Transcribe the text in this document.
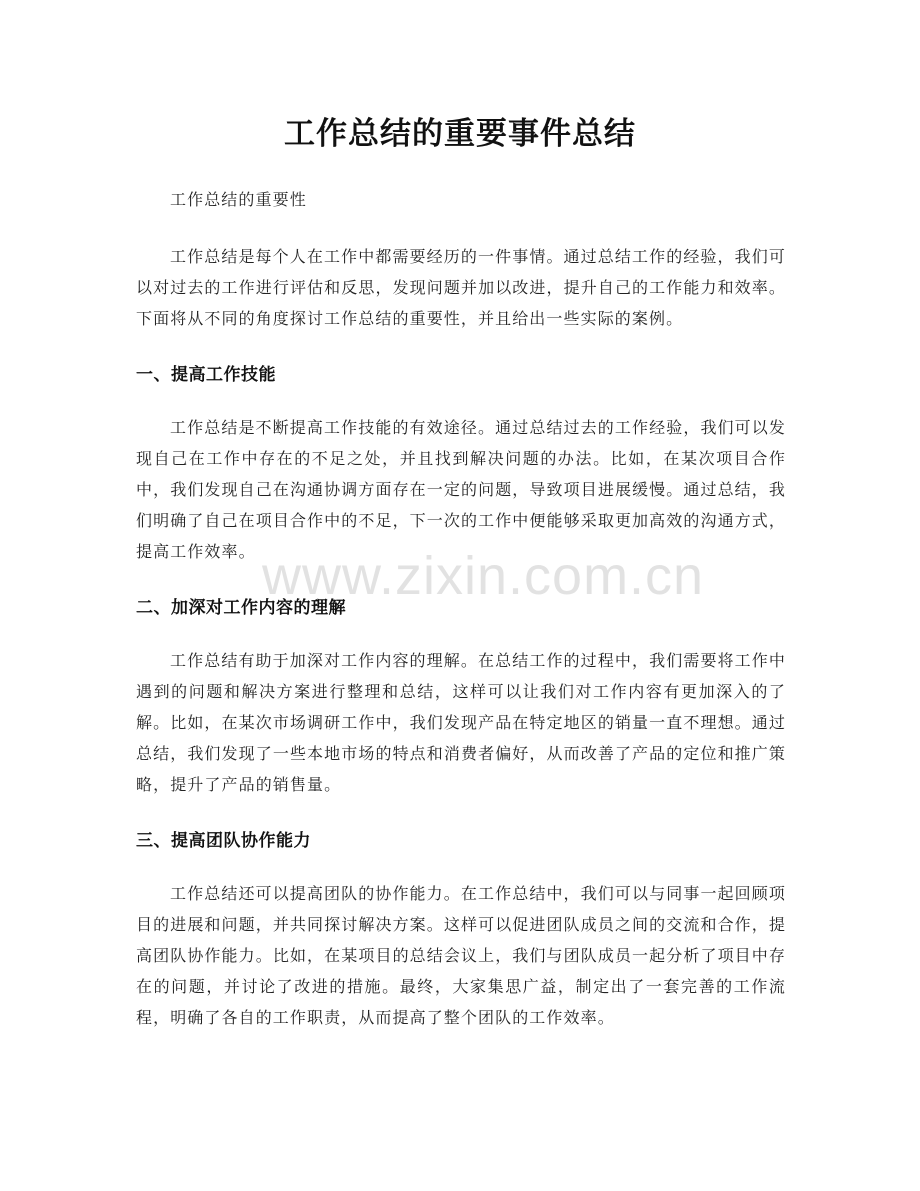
工作总结的重要事件总结

工作总结的重要性

工作总结是每个人在工作中都需要经历的一件事情。通过总结工作的经验，我们可以对过去的工作进行评估和反思，发现问题并加以改进，提升自己的工作能力和效率。下面将从不同的角度探讨工作总结的重要性，并且给出一些实际的案例。

一、提高工作技能

工作总结是不断提高工作技能的有效途径。通过总结过去的工作经验，我们可以发现自己在工作中存在的不足之处，并且找到解决问题的办法。比如，在某次项目合作中，我们发现自己在沟通协调方面存在一定的问题，导致项目进展缓慢。通过总结，我们明确了自己在项目合作中的不足，下一次的工作中便能够采取更加高效的沟通方式，提高工作效率。

二、加深对工作内容的理解

工作总结有助于加深对工作内容的理解。在总结工作的过程中，我们需要将工作中遇到的问题和解决方案进行整理和总结，这样可以让我们对工作内容有更加深入的了解。比如，在某次市场调研工作中，我们发现产品在特定地区的销量一直不理想。通过总结，我们发现了一些本地市场的特点和消费者偏好，从而改善了产品的定位和推广策略，提升了产品的销售量。

三、提高团队协作能力

工作总结还可以提高团队的协作能力。在工作总结中，我们可以与同事一起回顾项目的进展和问题，并共同探讨解决方案。这样可以促进团队成员之间的交流和合作，提高团队协作能力。比如，在某项目的总结会议上，我们与团队成员一起分析了项目中存在的问题，并讨论了改进的措施。最终，大家集思广益，制定出了一套完善的工作流程，明确了各自的工作职责，从而提高了整个团队的工作效率。

www.zixin.com.cn
